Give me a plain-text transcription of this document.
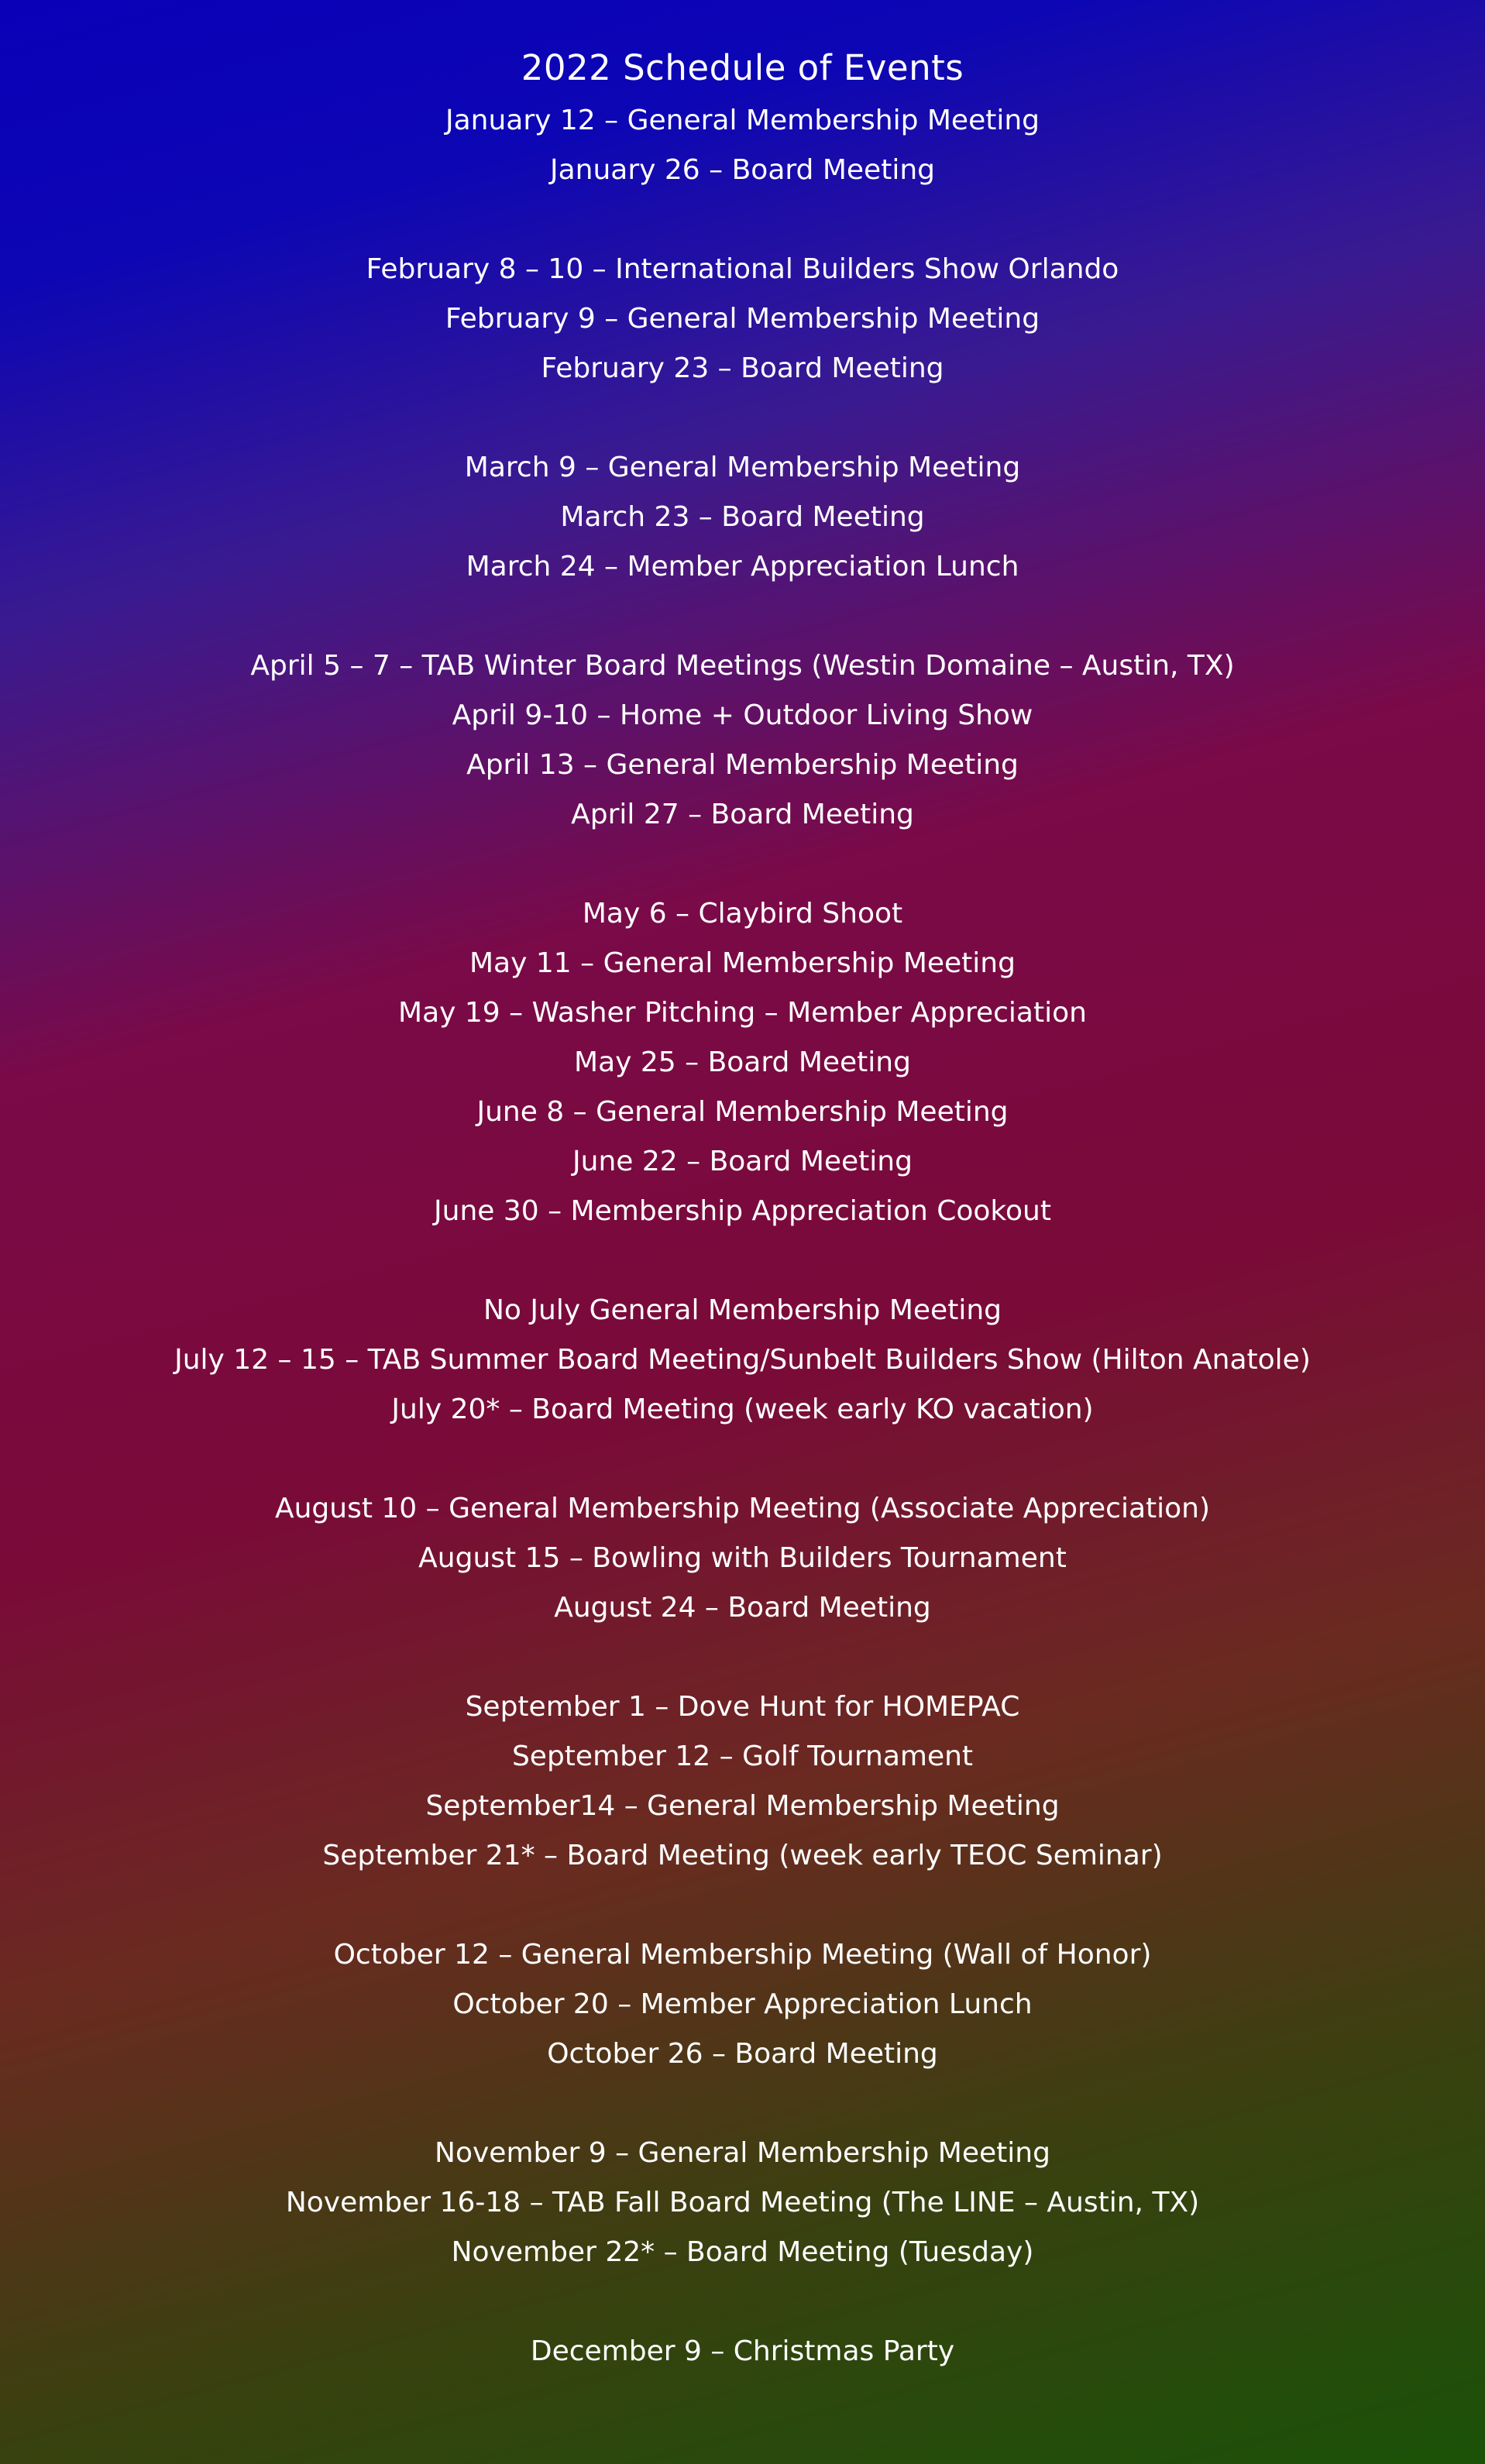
2022 Schedule of Events
January 12 – General Membership Meeting
January 26 – Board Meeting
February 8 – 10 – International Builders Show Orlando
February 9 – General Membership Meeting
February 23 – Board Meeting
March 9 – General Membership Meeting
March 23 – Board Meeting
March 24 – Member Appreciation Lunch
April 5 – 7 – TAB Winter Board Meetings (Westin Domaine – Austin, TX)
April 9-10 – Home + Outdoor Living Show
April 13 – General Membership Meeting
April 27 – Board Meeting
May 6 – Claybird Shoot
May 11 – General Membership Meeting
May 19 – Washer Pitching – Member Appreciation
May 25 – Board Meeting
June 8 – General Membership Meeting
June 22 – Board Meeting
June 30 – Membership Appreciation Cookout
No July General Membership Meeting
July 12 – 15 – TAB Summer Board Meeting/Sunbelt Builders Show (Hilton Anatole)
July 20* – Board Meeting (week early KO vacation)
August 10 – General Membership Meeting (Associate Appreciation)
August 15 – Bowling with Builders Tournament
August 24 – Board Meeting
September 1 – Dove Hunt for HOMEPAC
September 12 – Golf Tournament
September14 – General Membership Meeting
September 21* – Board Meeting (week early TEOC Seminar)
October 12 – General Membership Meeting (Wall of Honor)
October 20 – Member Appreciation Lunch
October 26 – Board Meeting
November 9 – General Membership Meeting
November 16-18 – TAB Fall Board Meeting (The LINE – Austin, TX)
November 22* – Board Meeting (Tuesday)
December 9 – Christmas Party
